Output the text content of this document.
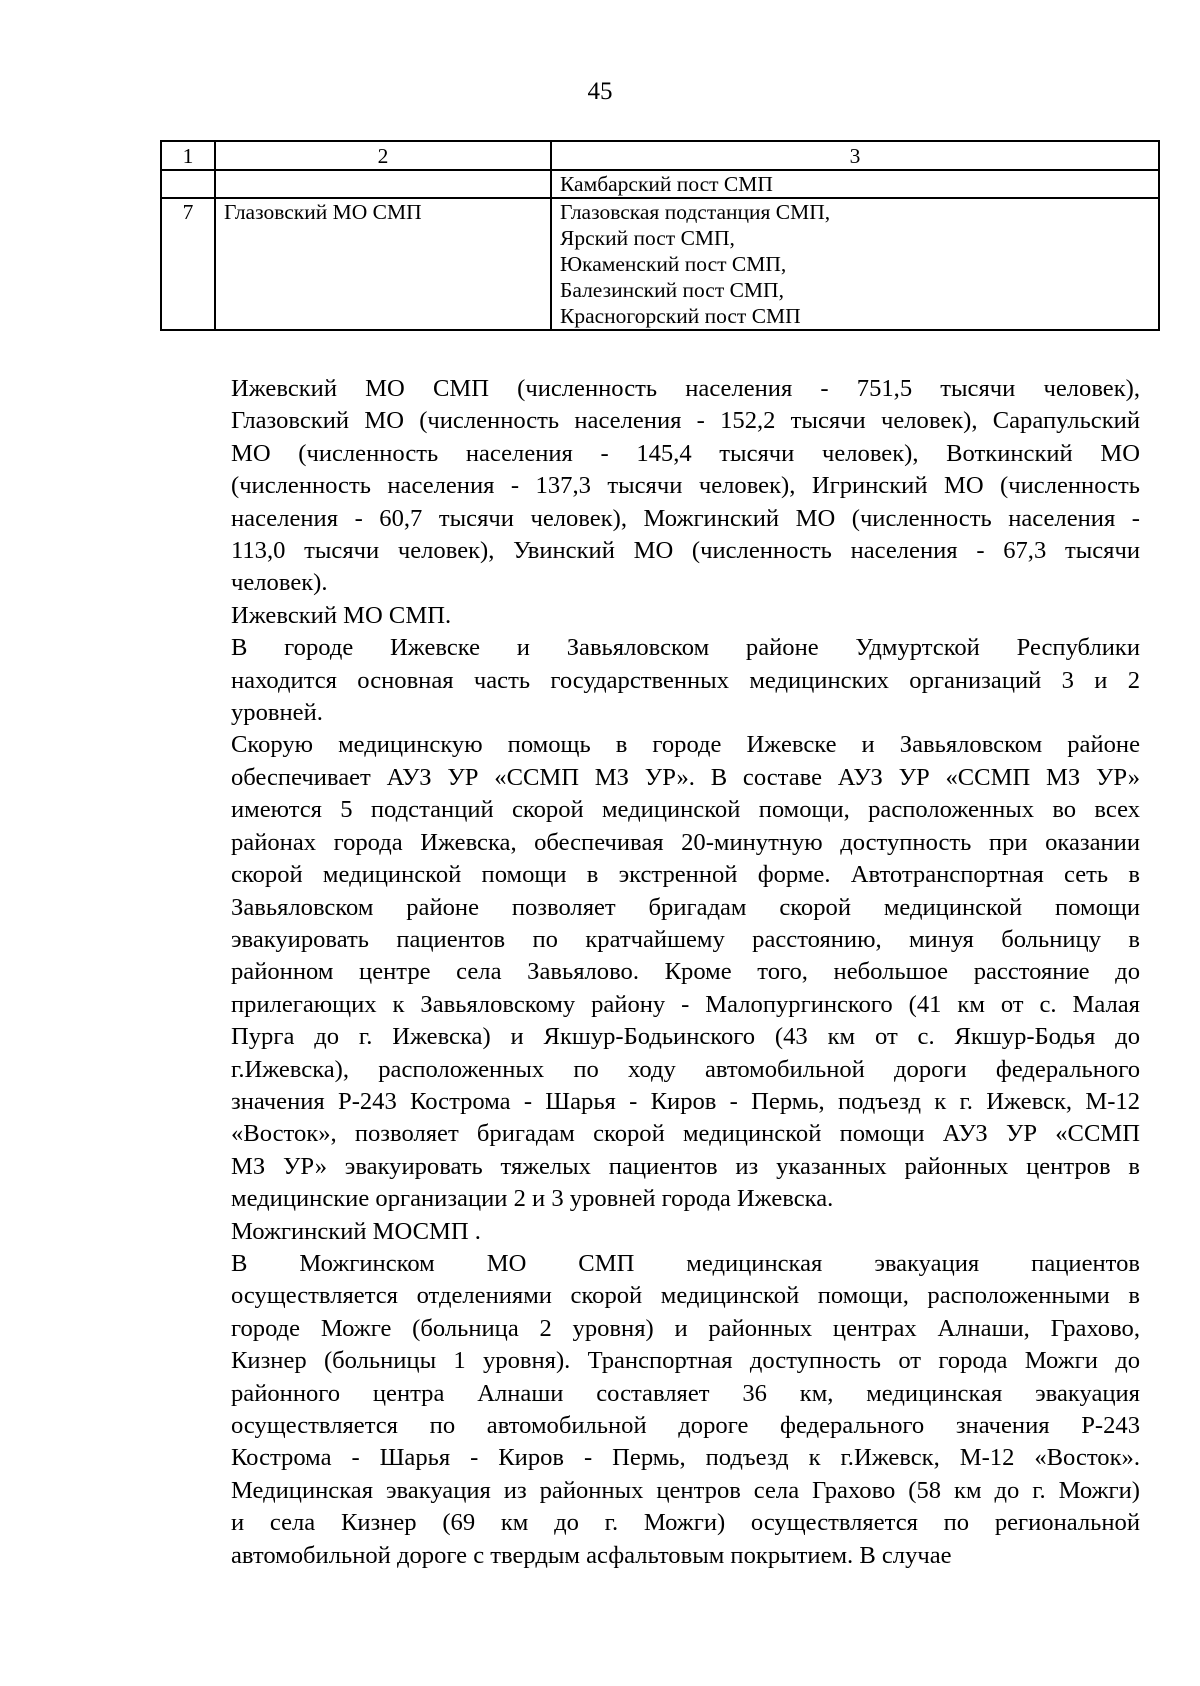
45
1	2	3

		Камбарский пост СМП

7	Глазовский МО СМП	Глазовская подстанция СМП,
Ярский пост СМП,
Юкаменский пост СМП,
Балезинский пост СМП,
Красногорский пост СМП

Ижевский МО СМП (численность населения - 751,5 тысячи человек),
Глазовский МО (численность населения - 152,2 тысячи человек), Сарапульский
МО (численность населения - 145,4 тысячи человек), Воткинский МО
(численность населения - 137,3 тысячи человек), Игринский МО (численность
населения - 60,7 тысячи человек), Можгинский МО (численность населения -
113,0 тысячи человек), Увинский МО (численность населения - 67,3 тысячи
человек).

Ижевский МО СМП.

В городе Ижевске и Завьяловском районе Удмуртской Республики
находится основная часть государственных медицинских организаций 3 и 2
уровней.

Скорую медицинскую помощь в городе Ижевске и Завьяловском районе
обеспечивает АУЗ УР «ССМП МЗ УР». В составе АУЗ УР «ССМП МЗ УР»
имеются 5 подстанций скорой медицинской помощи, расположенных во всех
районах города Ижевска, обеспечивая 20-минутную доступность при оказании
скорой медицинской помощи в экстренной форме. Автотранспортная сеть в
Завьяловском районе позволяет бригадам скорой медицинской помощи
эвакуировать пациентов по кратчайшему расстоянию, минуя больницу в
районном центре села Завьялово. Кроме того, небольшое расстояние до
прилегающих к Завьяловскому району - Малопургинского (41 км от с. Малая
Пурга до г. Ижевска) и Якшур-Бодьинского (43 км от с. Якшур-Бодья до
г.Ижевска), расположенных по ходу автомобильной дороги федерального
значения Р-243 Кострома - Шарья - Киров - Пермь, подъезд к г. Ижевск, М-12
«Восток», позволяет бригадам скорой медицинской помощи АУЗ УР «ССМП
МЗ УР» эвакуировать тяжелых пациентов из указанных районных центров в
медицинские организации 2 и 3 уровней города Ижевска.

Можгинский МОСМП .

В Можгинском МО СМП медицинская эвакуация пациентов
осуществляется отделениями скорой медицинской помощи, расположенными в
городе Можге (больница 2 уровня) и районных центрах Алнаши, Грахово,
Кизнер (больницы 1 уровня). Транспортная доступность от города Можги до
районного центра Алнаши составляет 36 км, медицинская эвакуация
осуществляется по автомобильной дороге федерального значения Р-243
Кострома - Шарья - Киров - Пермь, подъезд к г.Ижевск, М-12 «Восток».
Медицинская эвакуация из районных центров села Грахово (58 км до г. Можги)
и села Кизнер (69 км до г. Можги) осуществляется по региональной
автомобильной дороге с твердым асфальтовым покрытием. В случае
